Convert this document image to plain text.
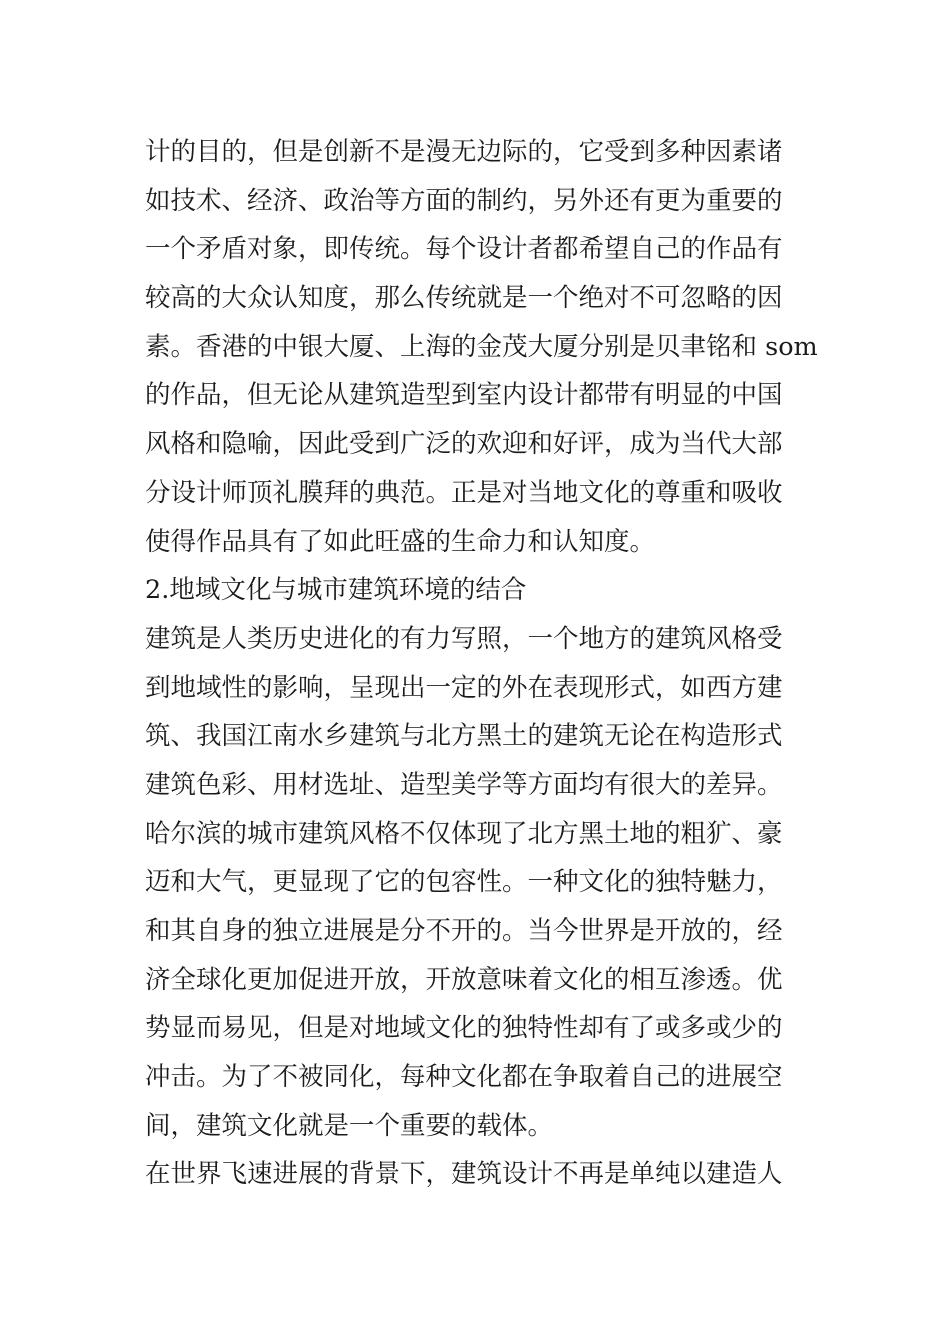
计的目的，但是创新不是漫无边际的，它受到多种因素诸
如技术、经济、政治等方面的制约，另外还有更为重要的
一个矛盾对象，即传统。每个设计者都希望自己的作品有
较高的大众认知度，那么传统就是一个绝对不可忽略的因
素。香港的中银大厦、上海的金茂大厦分别是贝聿铭和 som
的作品，但无论从建筑造型到室内设计都带有明显的中国
风格和隐喻，因此受到广泛的欢迎和好评，成为当代大部
分设计师顶礼膜拜的典范。正是对当地文化的尊重和吸收
使得作品具有了如此旺盛的生命力和认知度。
2.地域文化与城市建筑环境的结合
建筑是人类历史进化的有力写照，一个地方的建筑风格受
到地域性的影响，呈现出一定的外在表现形式，如西方建
筑、我国江南水乡建筑与北方黑土的建筑无论在构造形式
建筑色彩、用材选址、造型美学等方面均有很大的差异。
哈尔滨的城市建筑风格不仅体现了北方黑土地的粗犷、豪
迈和大气，更显现了它的包容性。一种文化的独特魅力，
和其自身的独立进展是分不开的。当今世界是开放的，经
济全球化更加促进开放，开放意味着文化的相互渗透。优
势显而易见，但是对地域文化的独特性却有了或多或少的
冲击。为了不被同化，每种文化都在争取着自己的进展空
间，建筑文化就是一个重要的载体。
在世界飞速进展的背景下，建筑设计不再是单纯以建造人
